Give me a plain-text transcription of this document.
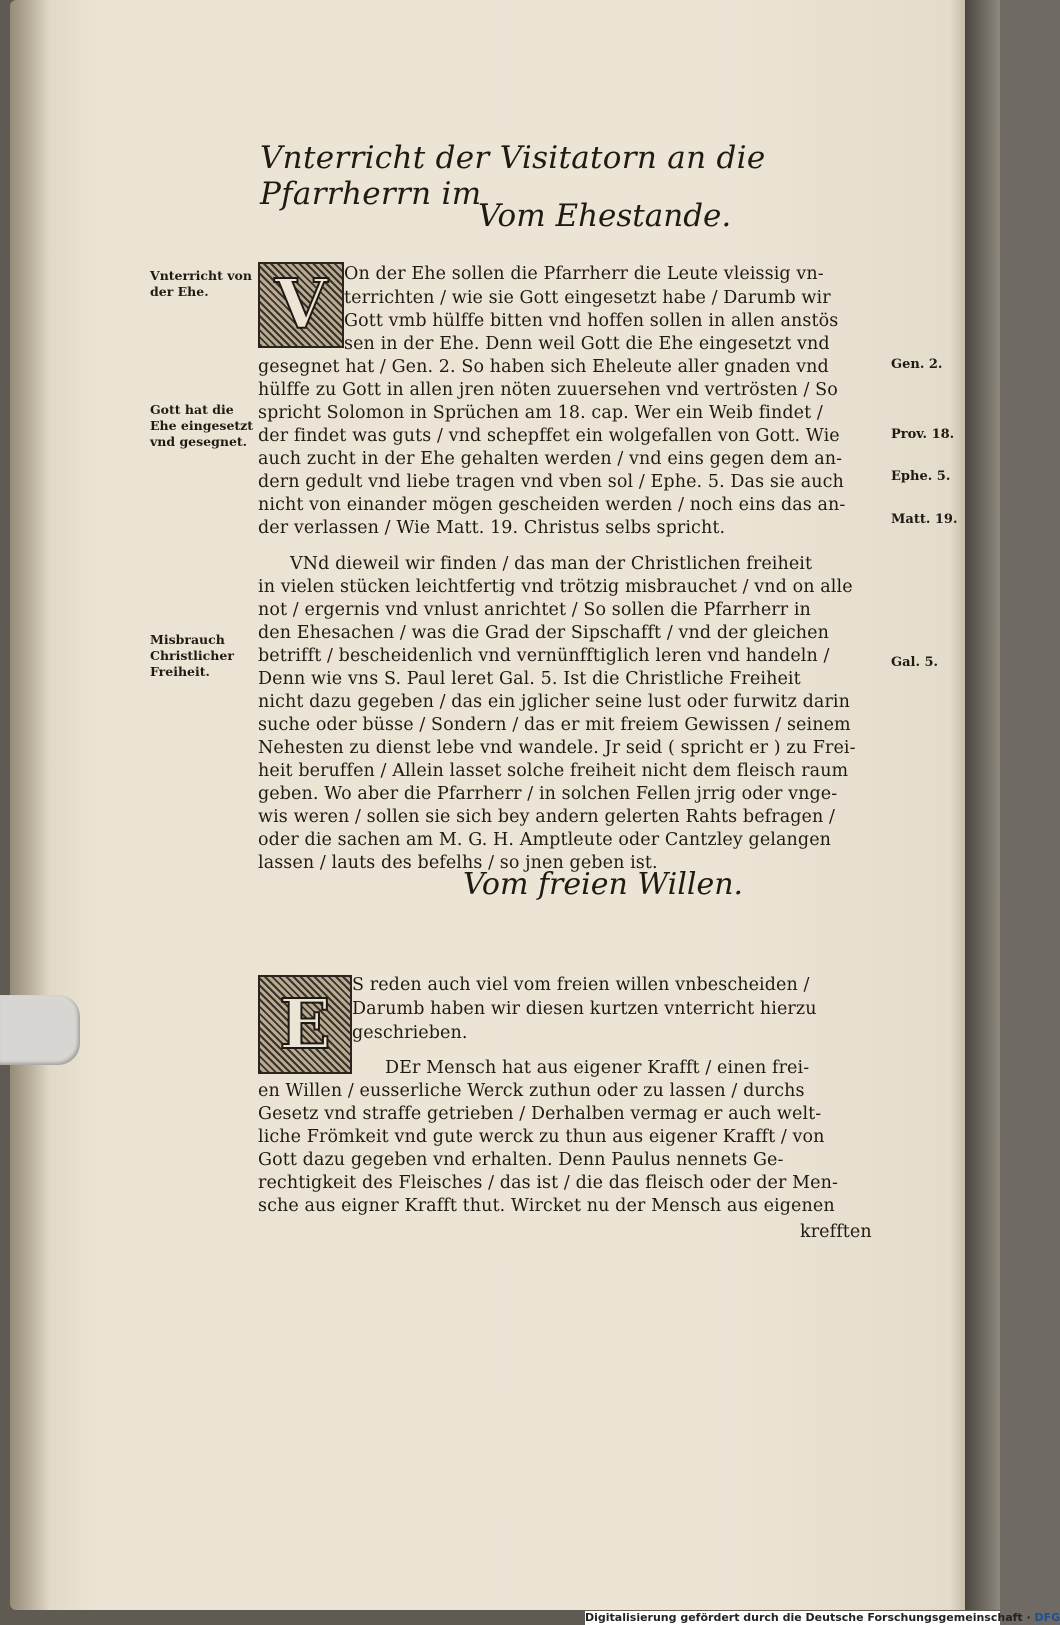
Vnterricht der Visitatorn an die Pfarrherrn im
Vom Ehestande.
Vnterricht von der Ehe.
Gott hat die Ehe eingesetzt vnd gesegnet.
Misbrauch Christlicher Freiheit.
Gen. 2.
Prov. 18.
Ephe. 5.
Matt. 19.
Gal. 5.
V On der Ehe sollen die Pfarrherr die Leute vleissig vn-
terrichten / wie sie Gott eingesetzt habe / Darumb wir
Gott vmb hülffe bitten vnd hoffen sollen in allen anstös
sen in der Ehe. Denn weil Gott die Ehe eingesetzt vnd
gesegnet hat / Gen. 2. So haben sich Eheleute aller gnaden vnd
hülffe zu Gott in allen jren nöten zuuersehen vnd vertrösten / So
spricht Solomon in Sprüchen am 18. cap. Wer ein Weib findet /
der findet was guts / vnd schepffet ein wolgefallen von Gott. Wie
auch zucht in der Ehe gehalten werden / vnd eins gegen dem an-
dern gedult vnd liebe tragen vnd vben sol / Ephe. 5. Das sie auch
nicht von einander mögen gescheiden werden / noch eins das an-
der verlassen / Wie Matt. 19. Christus selbs spricht.
VNd dieweil wir finden / das man der Christlichen freiheit
in vielen stücken leichtfertig vnd trötzig misbrauchet / vnd on alle
not / ergernis vnd vnlust anrichtet / So sollen die Pfarrherr in
den Ehesachen / was die Grad der Sipschafft / vnd der gleichen
betrifft / bescheidenlich vnd vernünfftiglich leren vnd handeln /
Denn wie vns S. Paul leret Gal. 5. Ist die Christliche Freiheit
nicht dazu gegeben / das ein jglicher seine lust oder furwitz darin
suche oder büsse / Sondern / das er mit freiem Gewissen / seinem
Nehesten zu dienst lebe vnd wandele. Jr seid ( spricht er ) zu Frei-
heit beruffen / Allein lasset solche freiheit nicht dem fleisch raum
geben. Wo aber die Pfarrherr / in solchen Fellen jrrig oder vnge-
wis weren / sollen sie sich bey andern gelerten Rahts befragen /
oder die sachen am M. G. H. Amptleute oder Cantzley gelangen
lassen / lauts des befelhs / so jnen geben ist.
Vom freien Willen.
E S reden auch viel vom freien willen vnbescheiden /
Darumb haben wir diesen kurtzen vnterricht hierzu
geschrieben.
DEr Mensch hat aus eigener Krafft / einen frei-
en Willen / eusserliche Werck zuthun oder zu lassen / durchs
Gesetz vnd straffe getrieben / Derhalben vermag er auch welt-
liche Frömkeit vnd gute werck zu thun aus eigener Krafft / von
Gott dazu gegeben vnd erhalten. Denn Paulus nennets Ge-
rechtigkeit des Fleisches / das ist / die das fleisch oder der Men-
sche aus eigner Krafft thut. Wircket nu der Mensch aus eigenen
krefften
Digitalisierung gefördert durch die Deutsche Forschungsgemeinschaft · DFG
